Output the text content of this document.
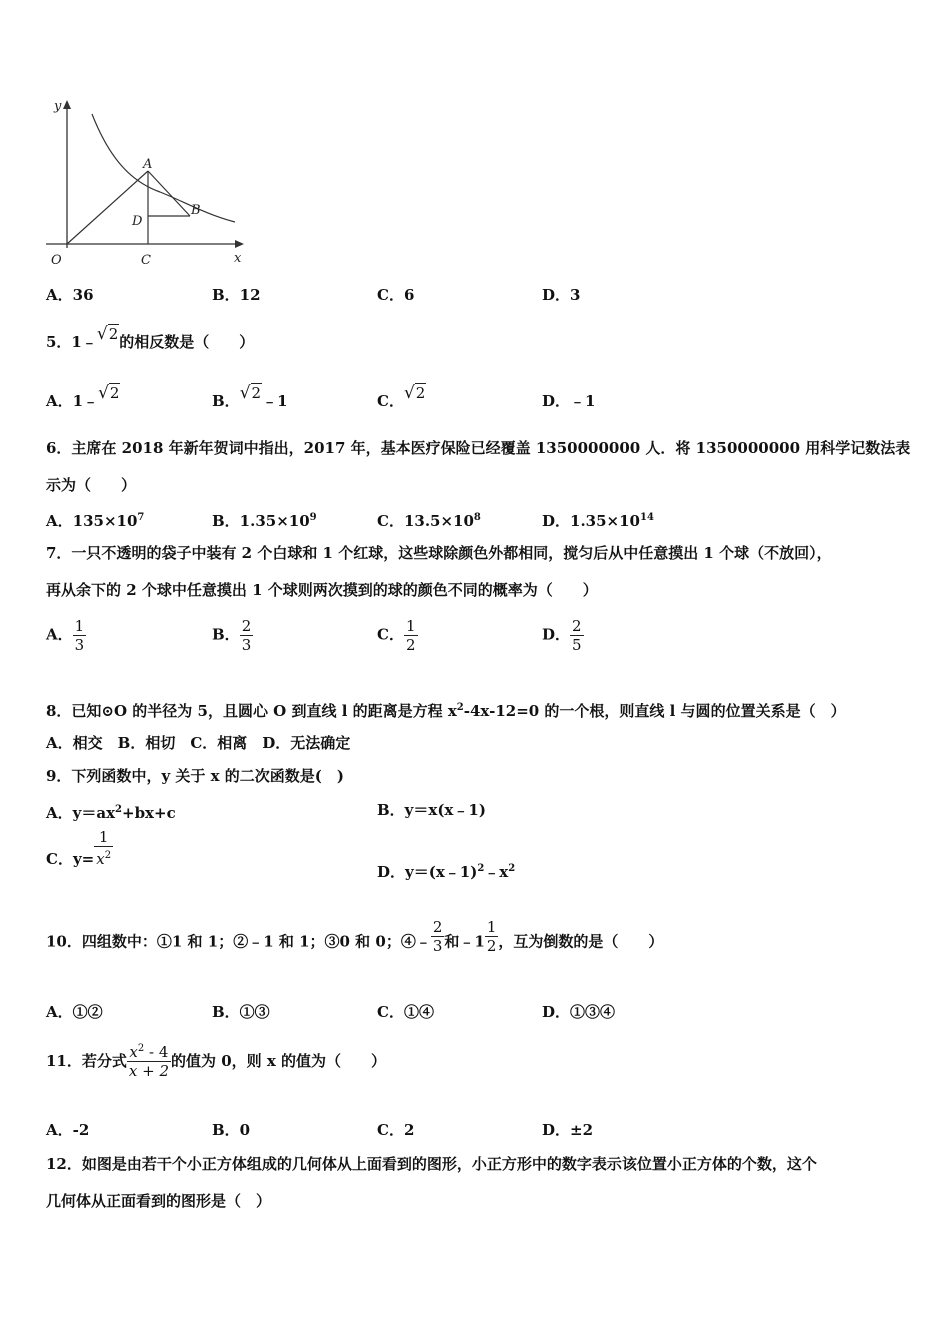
y
x
O	C
A
B
D
A．36	B．12	C．6	D．3
5．1﹣√2的相反数是（　　）
A．1﹣√2	B．√2﹣1	C．√2	D．﹣1
6．主席在 2018 年新年贺词中指出，2017 年，基本医疗保险已经覆盖 1350000000 人．将 1350000000 用科学记数法表
示为（　　）
A．$135\times 10^7$	B．$1.35\times 10^9$	C．$13.5\times 10^8$	D．$1.35\times 10^{14}$
7．一只不透明的袋子中装有 2 个白球和 1 个红球，这些球除颜色外都相同，搅匀后从中任意摸出 1 个球（不放回），
再从余下的 2 个球中任意摸出 1 个球则两次摸到的球的颜色不同的概率为（　　）
A． $\frac{1}{3}$	B． $\frac{2}{3}$	C． $\frac{1}{2}$	D． $\frac{2}{5}$
8．已知⊙O 的半径为 5，且圆心 O 到直线 l 的距离是方程 $x^2-4x-12=0$ 的一个根，则直线 l 与圆的位置关系是（　）
A．相交　B．相切　C．相离　D．无法确定
9．下列函数中，y 关于 x 的二次函数是(　)
A．$y=ax^2+bx+c$	B．y＝x(x﹣1)
C．$y= \frac{1}{x^2}$
D．$y=(x﹣1)^2﹣x^2$
10．四组数中：①1 和 1；②﹣1 和 1；③0 和 0；④﹣ $\frac{2}{3}$ 和﹣1 $\frac{1}{2}$ ，互为倒数的是（　　）
A．①②	B．①③	C．①④	D．①③④
11．若分式 $\frac{x^2 - 4}{x + 2}$ 的值为 0，则 x 的值为（　　）
A．-2	B．0	C．2	D．±2
12．如图是由若干个小正方体组成的几何体从上面看到的图形，小正方形中的数字表示该位置小正方体的个数，这个
几何体从正面看到的图形是（　）
